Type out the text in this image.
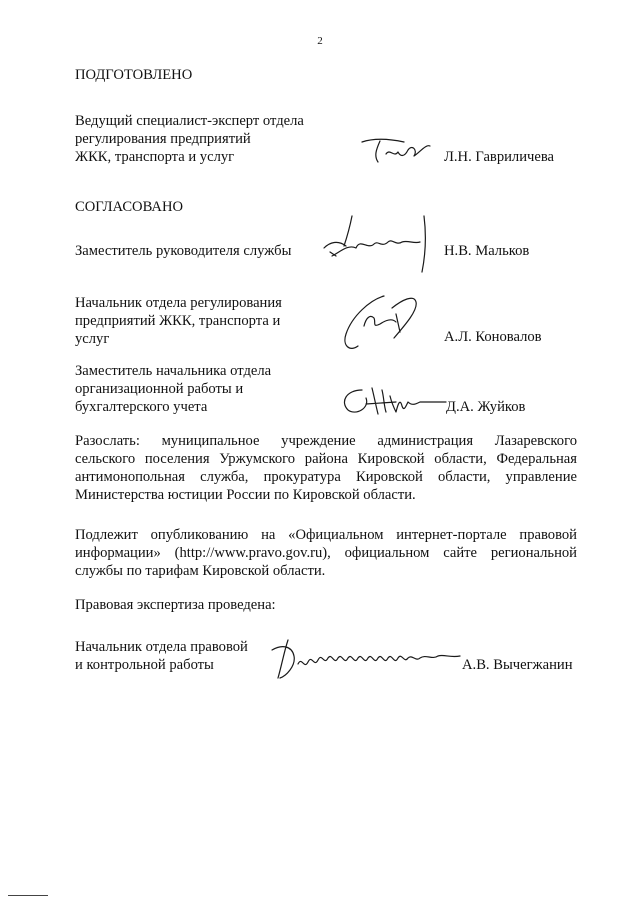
2
ПОДГОТОВЛЕНО
Ведущий специалист-эксперт отдела
регулирования предприятий
ЖКК, транспорта и услуг	Л.Н. Гавриличева
СОГЛАСОВАНО
Заместитель руководителя службы	Н.В. Мальков
Начальник отдела регулирования
предприятий ЖКК, транспорта и
услуг	А.Л. Коновалов
Заместитель начальника отдела
организационной работы и
бухгалтерского учета	Д.А. Жуйков
Разослать: муниципальное учреждение администрация Лазаревского
сельского поселения Уржумского района Кировской области, Федеральная
антимонопольная служба, прокуратура Кировской области, управление
Министерства юстиции России по Кировской области.
Подлежит опубликованию на «Официальном интернет-портале правовой
информации» (http://www.pravo.gov.ru), официальном сайте региональной
службы по тарифам Кировской области.
Правовая экспертиза проведена:
Начальник отдела правовой
и контрольной работы	А.В. Вычегжанин
